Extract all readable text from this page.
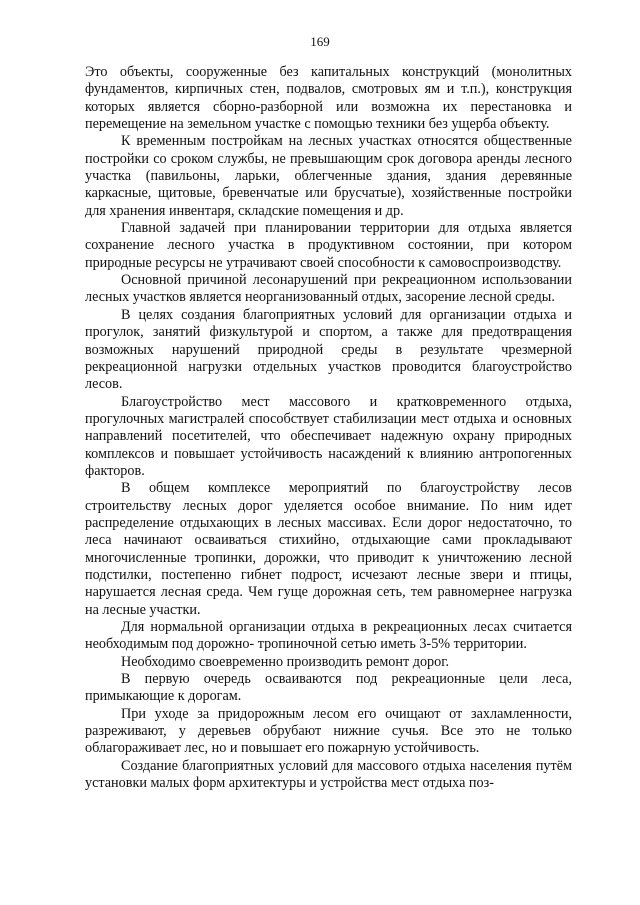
169

Это объекты, сооруженные без капитальных конструкций (монолитных фундаментов, кирпичных стен, подвалов, смотровых ям и т.п.), конструкция которых является сборно-разборной или возможна их перестановка и перемещение на земельном участке с помощью техники без ущерба объекту.

К временным постройкам на лесных участках относятся общественные постройки со сроком службы, не превышающим срок договора аренды лесного участка (павильоны, ларьки, облегченные здания, здания деревянные каркасные, щитовые, бревенчатые или брусчатые), хозяйственные постройки для хранения инвентаря, складские помещения и др.

Главной задачей при планировании территории для отдыха является сохранение лесного участка в продуктивном состоянии, при котором природные ресурсы не утрачивают своей способности к самовоспроизводству.

Основной причиной лесонарушений при рекреационном использовании лесных участков является неорганизованный отдых, засорение лесной среды.

В целях создания благоприятных условий для организации отдыха и прогулок, занятий физкультурой и спортом, а также для предотвращения возможных нарушений природной среды в результате чрезмерной рекреационной нагрузки отдельных участков проводится благоустройство лесов.

Благоустройство мест массового и кратковременного отдыха, прогулочных магистралей способствует стабилизации мест отдыха и основных направлений посетителей, что обеспечивает надежную охрану природных комплексов и повышает устойчивость насаждений к влиянию антропогенных факторов.

В общем комплексе мероприятий по благоустройству лесов строительству лесных дорог уделяется особое внимание. По ним идет распределение отдыхающих в лесных массивах. Если дорог недостаточно, то леса начинают осваиваться стихийно, отдыхающие сами прокладывают многочисленные тропинки, дорожки, что приводит к уничтожению лесной подстилки, постепенно гибнет подрост, исчезают лесные звери и птицы, нарушается лесная среда. Чем гуще дорожная сеть, тем равномернее нагрузка на лесные участки.

Для нормальной организации отдыха в рекреационных лесах считается необходимым под дорожно- тропиночной сетью иметь 3-5% территории.

Необходимо своевременно производить ремонт дорог.

В первую очередь осваиваются под рекреационные цели леса, примыкающие к дорогам.

При уходе за придорожным лесом его очищают от захламленности, разреживают, у деревьев обрубают нижние сучья. Все это не только облагораживает лес, но и повышает его пожарную устойчивость.

Создание благоприятных условий для массового отдыха населения путём установки малых форм архитектуры и устройства мест отдыха поз-
